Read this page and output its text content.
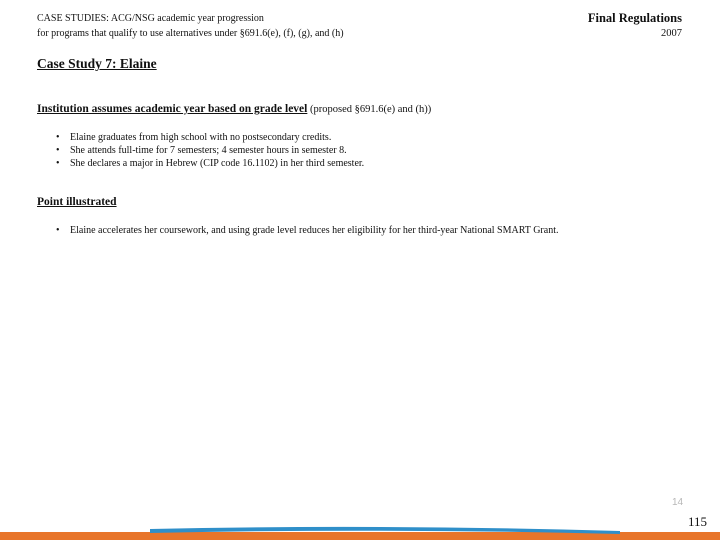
CASE STUDIES: ACG/NSG academic year progression
for programs that qualify to use alternatives under §691.6(e), (f), (g), and (h)
Final Regulations
2007
Case Study 7: Elaine
Institution assumes academic year based on grade level (proposed §691.6(e) and (h))
• Elaine graduates from high school with no postsecondary credits.
• She attends full-time for 7 semesters; 4 semester hours in semester 8.
• She declares a major in Hebrew (CIP code 16.1102) in her third semester.
Point illustrated
• Elaine accelerates her coursework, and using grade level reduces her eligibility for her third-year National SMART Grant.
14
115
